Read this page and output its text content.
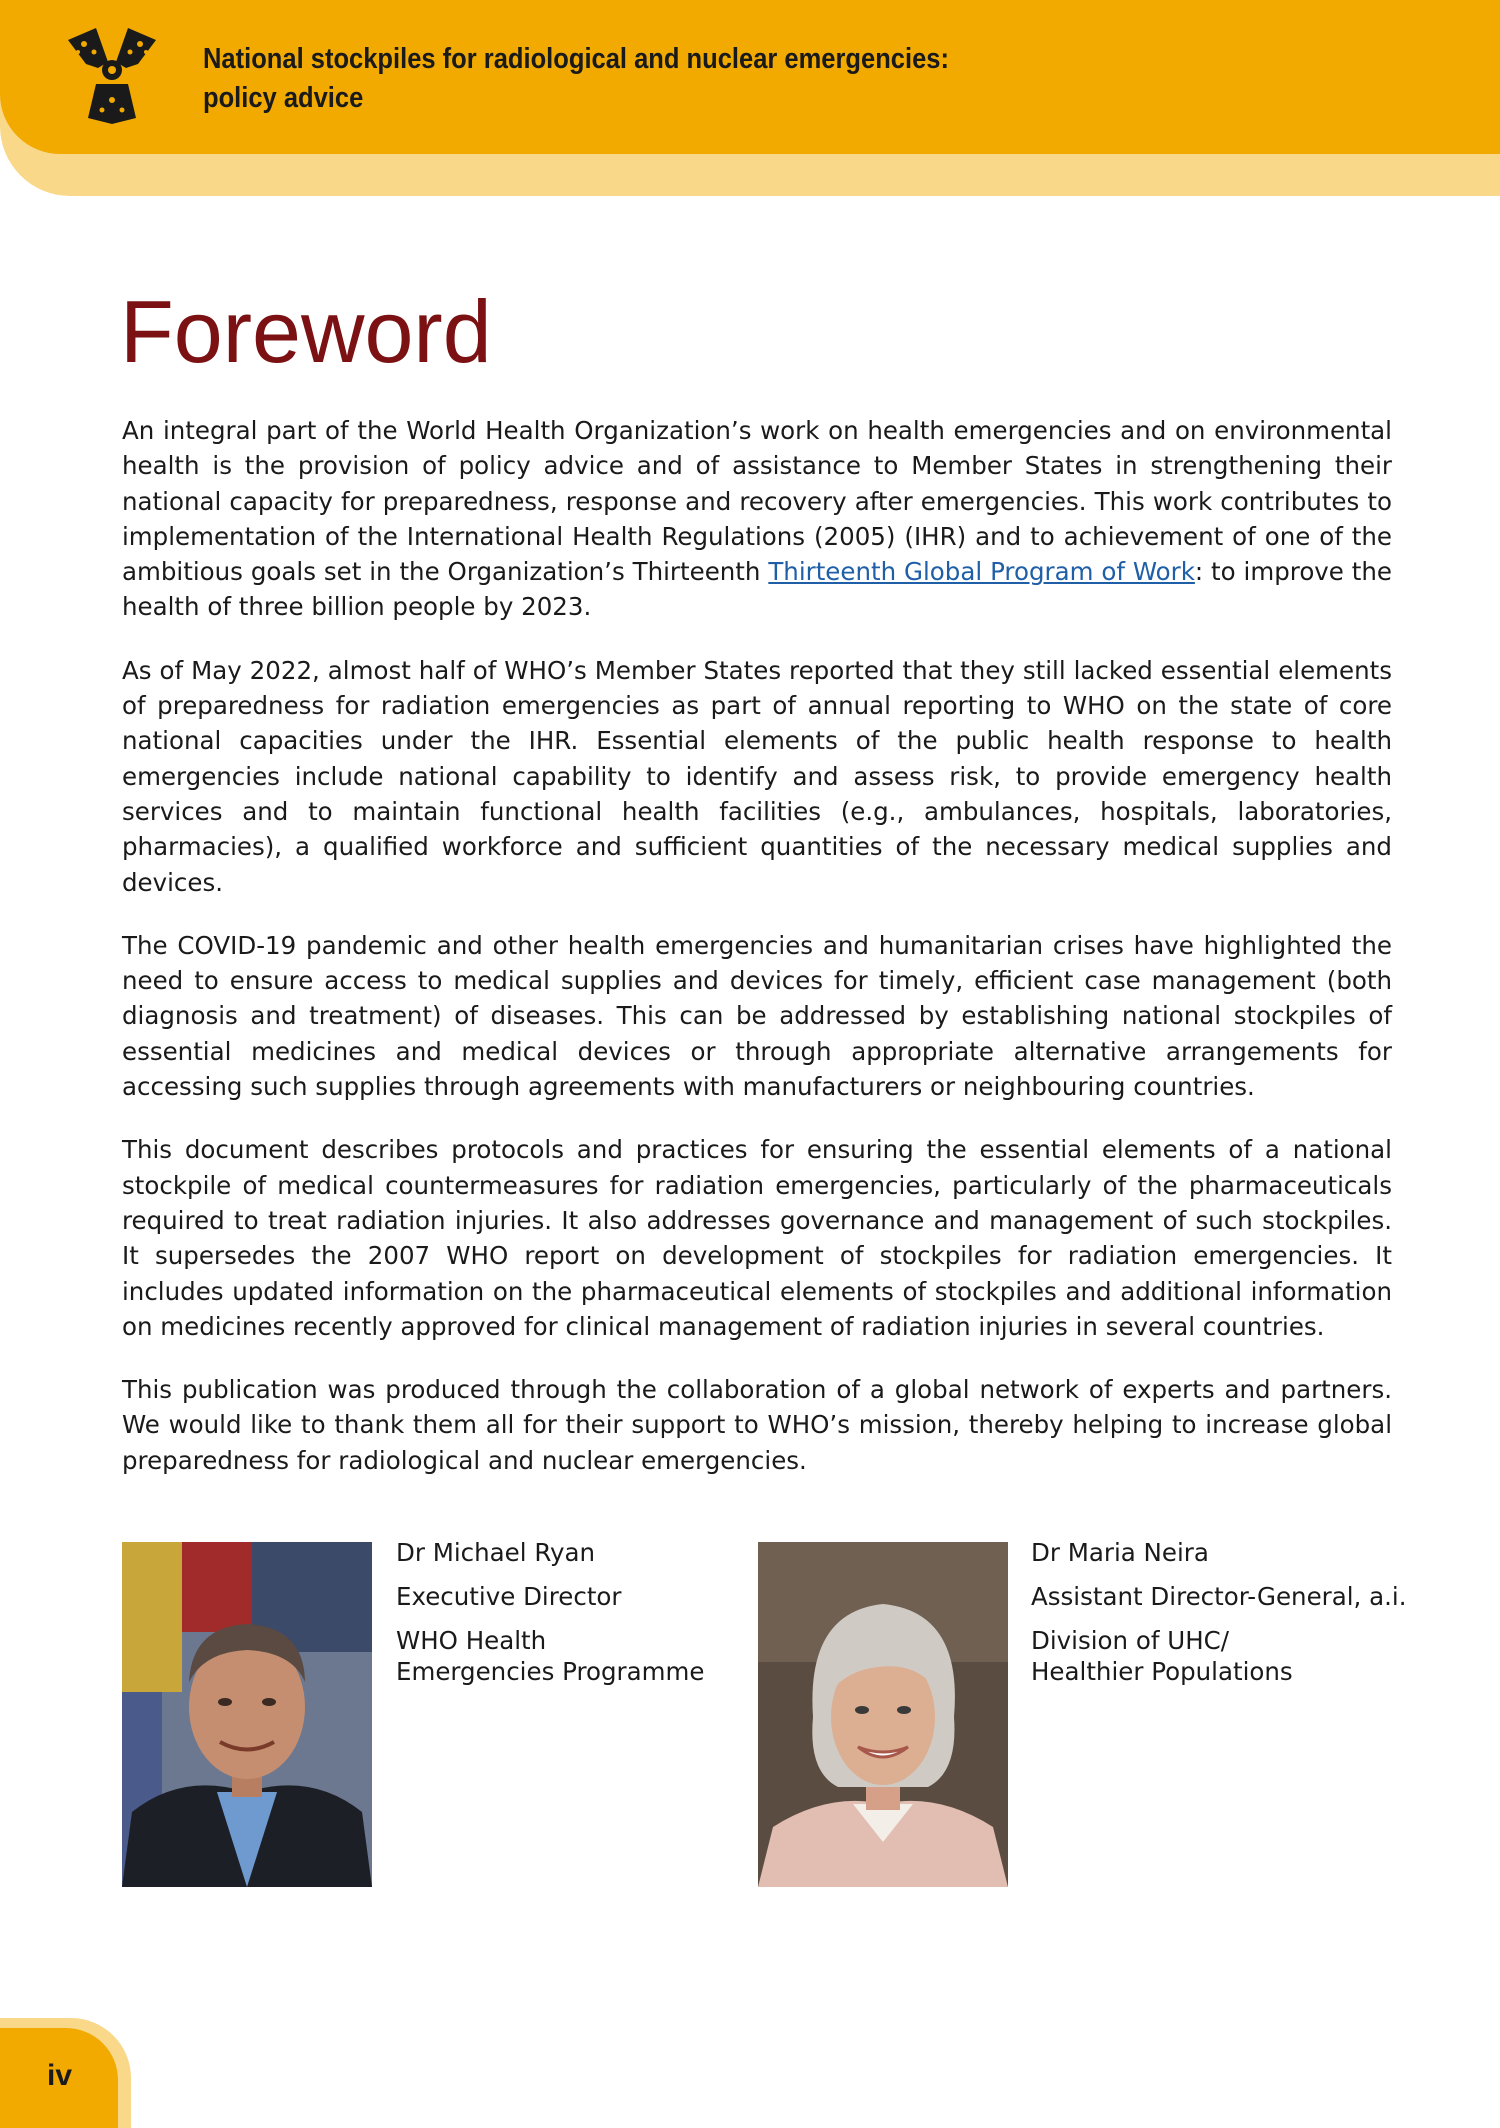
National stockpiles for radiological and nuclear emergencies:
policy advice
Foreword

An integral part of the World Health Organization’s work on health emergencies and on environmental health is the provision of policy advice and of assistance to Member States in strengthening their national capacity for preparedness, response and recovery after emergencies. This work contributes to implementation of the International Health Regulations (2005) (IHR) and to achievement of one of the ambitious goals set in the Organization’s Thirteenth Thirteenth Global Program of Work: to improve the health of three billion people by 2023.

As of May 2022, almost half of WHO’s Member States reported that they still lacked essential elements of preparedness for radiation emergencies as part of annual reporting to WHO on the state of core national capacities under the IHR. Essential elements of the public health response to health emergencies include national capability to identify and assess risk, to provide emergency health services and to maintain functional health facilities (e.g., ambulances, hospitals, laboratories, pharmacies), a qualified workforce and sufficient quantities of the necessary medical supplies and devices.

The COVID-19 pandemic and other health emergencies and humanitarian crises have highlighted the need to ensure access to medical supplies and devices for timely, efficient case management (both diagnosis and treatment) of diseases. This can be addressed by establishing national stockpiles of essential medicines and medical devices or through appropriate alternative arrangements for accessing such supplies through agreements with manufacturers or neighbouring countries.

This document describes protocols and practices for ensuring the essential elements of a national stockpile of medical countermeasures for radiation emergencies, particularly of the pharmaceuticals required to treat radiation injuries. It also addresses governance and management of such stockpiles. It supersedes the 2007 WHO report on development of stockpiles for radiation emergencies. It includes updated information on the pharmaceutical elements of stockpiles and additional information on medicines recently approved for clinical management of radiation injuries in several countries.

This publication was produced through the collaboration of a global network of experts and partners. We would like to thank them all for their support to WHO’s mission, thereby helping to increase global preparedness for radiological and nuclear emergencies.

Dr Michael Ryan
Executive Director
WHO Health
Emergencies Programme
Dr Maria Neira
Assistant Director-General, a.i.
Division of UHC/
Healthier Populations
iv
